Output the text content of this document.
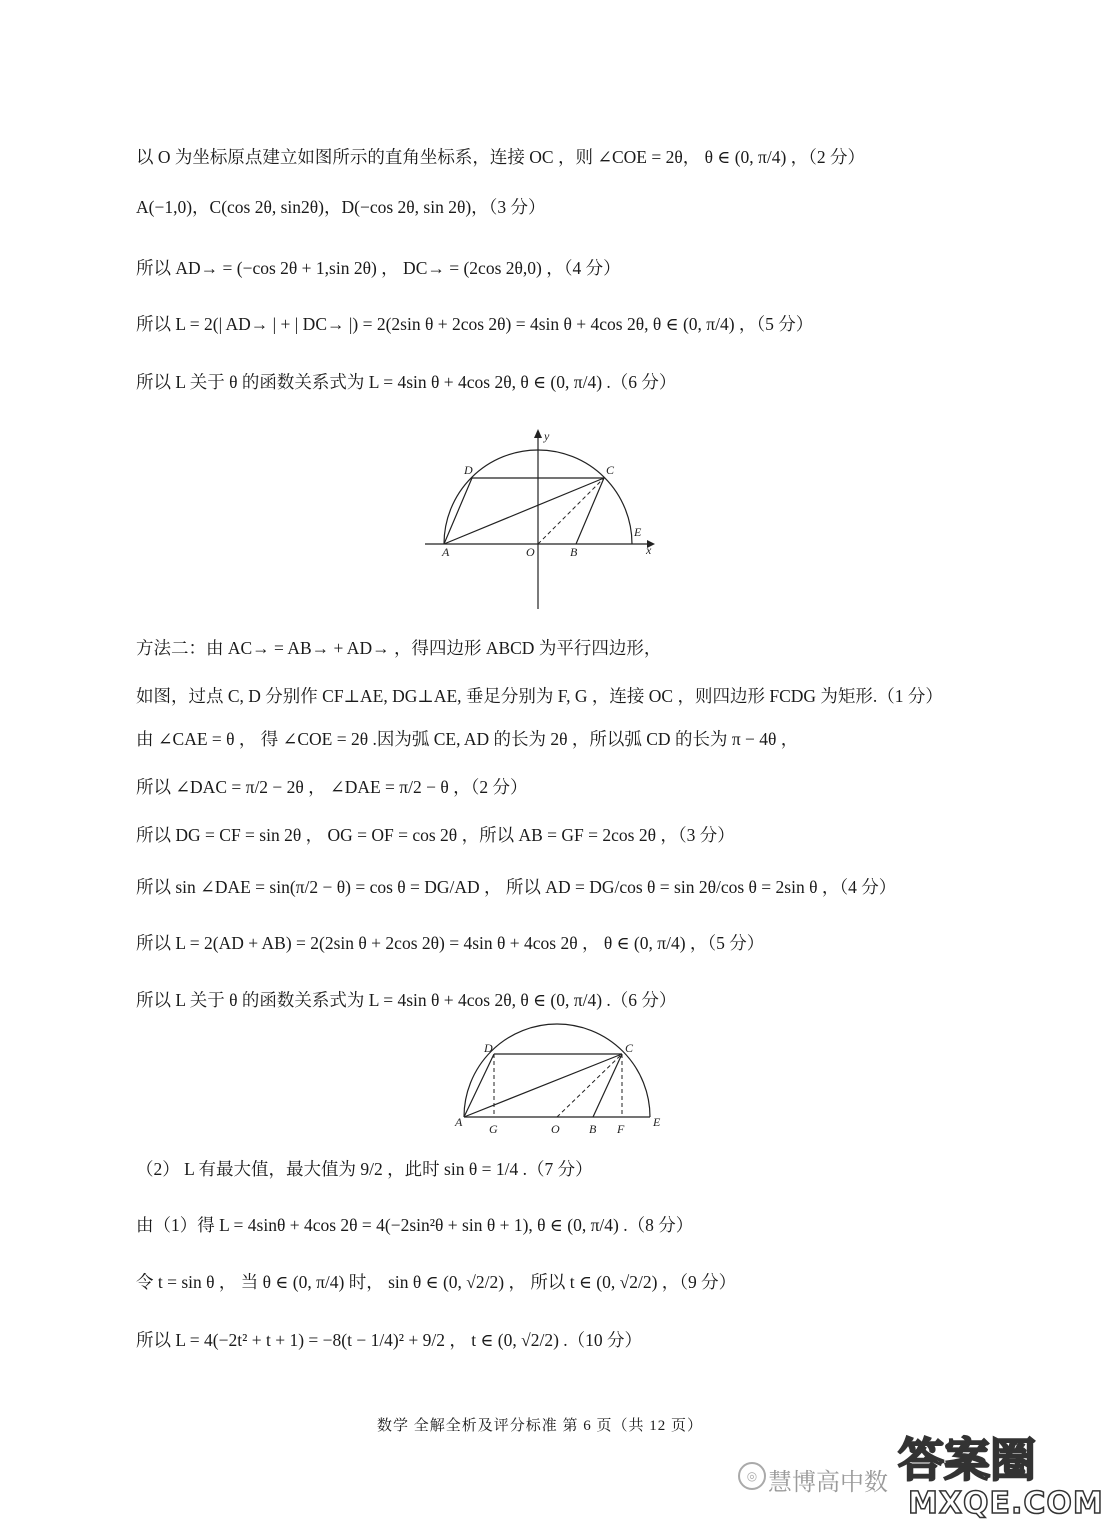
以 O 为坐标原点建立如图所示的直角坐标系，连接 OC ，则 ∠COE = 2θ， θ ∈ (0, π/4) ，（2 分）
A(−1,0)，C(cos 2θ, sin2θ)，D(−cos 2θ, sin 2θ)，（3 分）
所以 AD→ = (−cos 2θ + 1,sin 2θ) ， DC→ = (2cos 2θ,0) ，（4 分）
所以 L = 2(| AD→ | + | DC→ |) = 2(2sin θ + 2cos 2θ) = 4sin θ + 4cos 2θ, θ ∈ (0, π/4) ，（5 分）
所以 L 关于 θ 的函数关系式为 L = 4sin θ + 4cos 2θ, θ ∈ (0, π/4) .（6 分）
D	C
A	O	B
E
x
y
方法二：由 AC→ = AB→ + AD→ ，得四边形 ABCD 为平行四边形，
如图，过点 C, D 分别作 CF⊥AE, DG⊥AE, 垂足分别为 F, G ，连接 OC ，则四边形 FCDG 为矩形.（1 分）
由 ∠CAE = θ ， 得 ∠COE = 2θ .因为弧 CE, AD 的长为 2θ ，所以弧 CD 的长为 π − 4θ ，
所以 ∠DAC = π/2 − 2θ ， ∠DAE = π/2 − θ ，（2 分）
所以 DG = CF = sin 2θ ， OG = OF = cos 2θ ，所以 AB = GF = 2cos 2θ ，（3 分）
所以 sin ∠DAE = sin(π/2 − θ) = cos θ = DG/AD ， 所以 AD = DG/cos θ = sin 2θ/cos θ = 2sin θ ，（4 分）
所以 L = 2(AD + AB) = 2(2sin θ + 2cos 2θ) = 4sin θ + 4cos 2θ ， θ ∈ (0, π/4) ，（5 分）
所以 L 关于 θ 的函数关系式为 L = 4sin θ + 4cos 2θ, θ ∈ (0, π/4) .（6 分）
D	C
A G	O B F E
（2） L 有最大值，最大值为 9/2 ，此时 sin θ = 1/4 .（7 分）
由（1）得 L = 4sinθ + 4cos 2θ = 4(−2sin²θ + sin θ + 1), θ ∈ (0, π/4) .（8 分）
令 t = sin θ ， 当 θ ∈ (0, π/4) 时， sin θ ∈ (0, √2/2) ， 所以 t ∈ (0, √2/2) ，（9 分）
所以 L = 4(−2t² + t + 1) = −8(t − 1/4)² + 9/2 ， t ∈ (0, √2/2) .（10 分）
数学 全解全析及评分标准 第 6 页（共 12 页）
◎ 慧博高中数 答案圈
MXQE.COM
